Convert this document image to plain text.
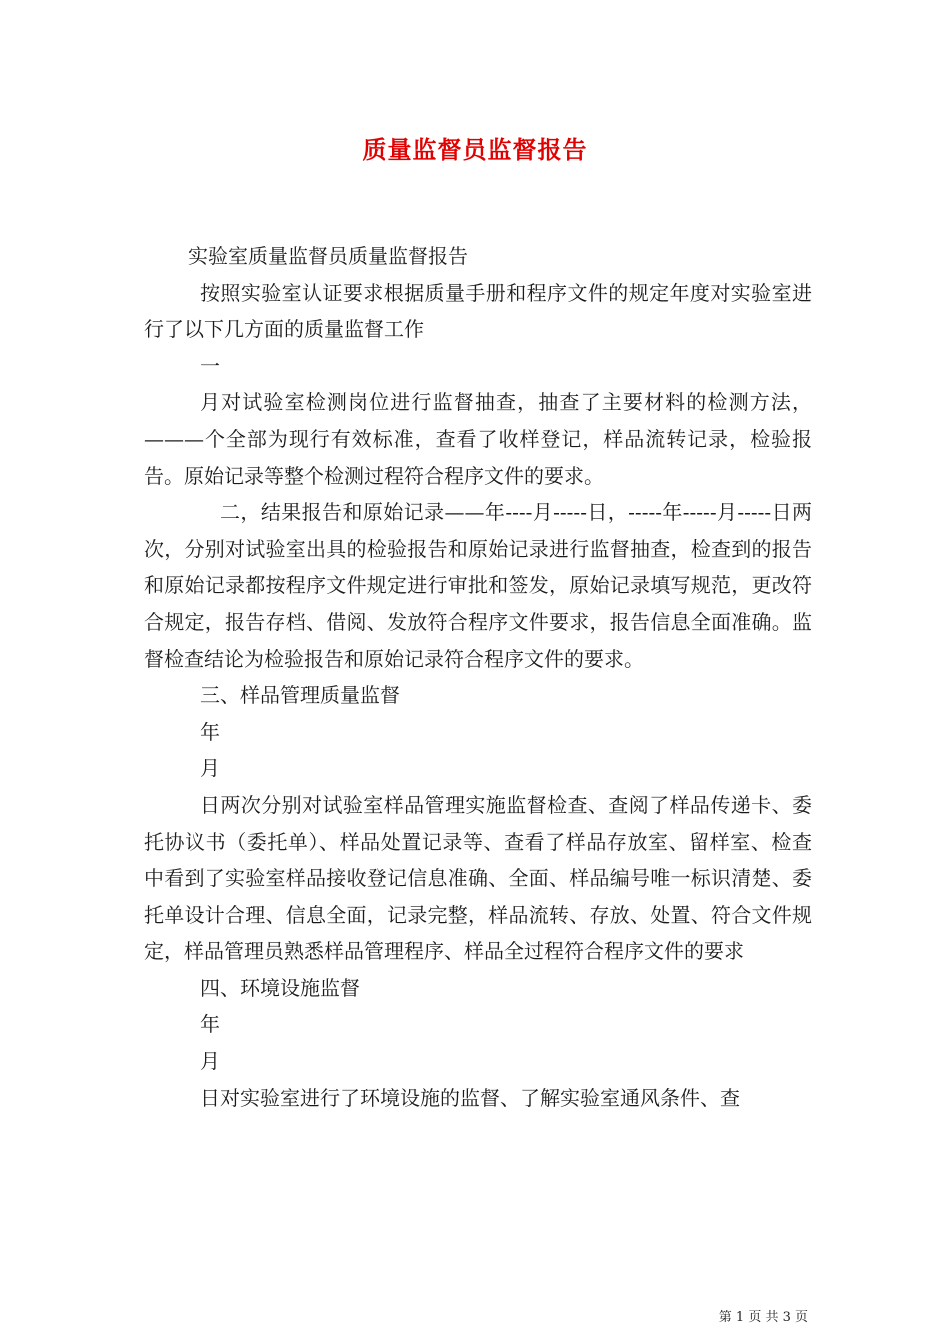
质量监督员监督报告

实验室质量监督员质量监督报告

按照实验室认证要求根据质量手册和程序文件的规定年度对实验室进行了以下几方面的质量监督工作

一

月对试验室检测岗位进行监督抽查，抽查了主要材料的检测方法，———个全部为现行有效标准，查看了收样登记，样品流转记录，检验报告。原始记录等整个检测过程符合程序文件的要求。

二，结果报告和原始记录——年----月-----日，-----年-----月-----日两次，分别对试验室出具的检验报告和原始记录进行监督抽查，检查到的报告和原始记录都按程序文件规定进行审批和签发，原始记录填写规范，更改符合规定，报告存档、借阅、发放符合程序文件要求，报告信息全面准确。监督检查结论为检验报告和原始记录符合程序文件的要求。

三、样品管理质量监督

年

月

日两次分别对试验室样品管理实施监督检查、查阅了样品传递卡、委托协议书（委托单）、样品处置记录等、查看了样品存放室、留样室、检查中看到了实验室样品接收登记信息准确、全面、样品编号唯一标识清楚、委托单设计合理、信息全面，记录完整，样品流转、存放、处置、符合文件规定，样品管理员熟悉样品管理程序、样品全过程符合程序文件的要求

四、环境设施监督

年

月

日对实验室进行了环境设施的监督、了解实验室通风条件、查

第 1 页 共 3 页
